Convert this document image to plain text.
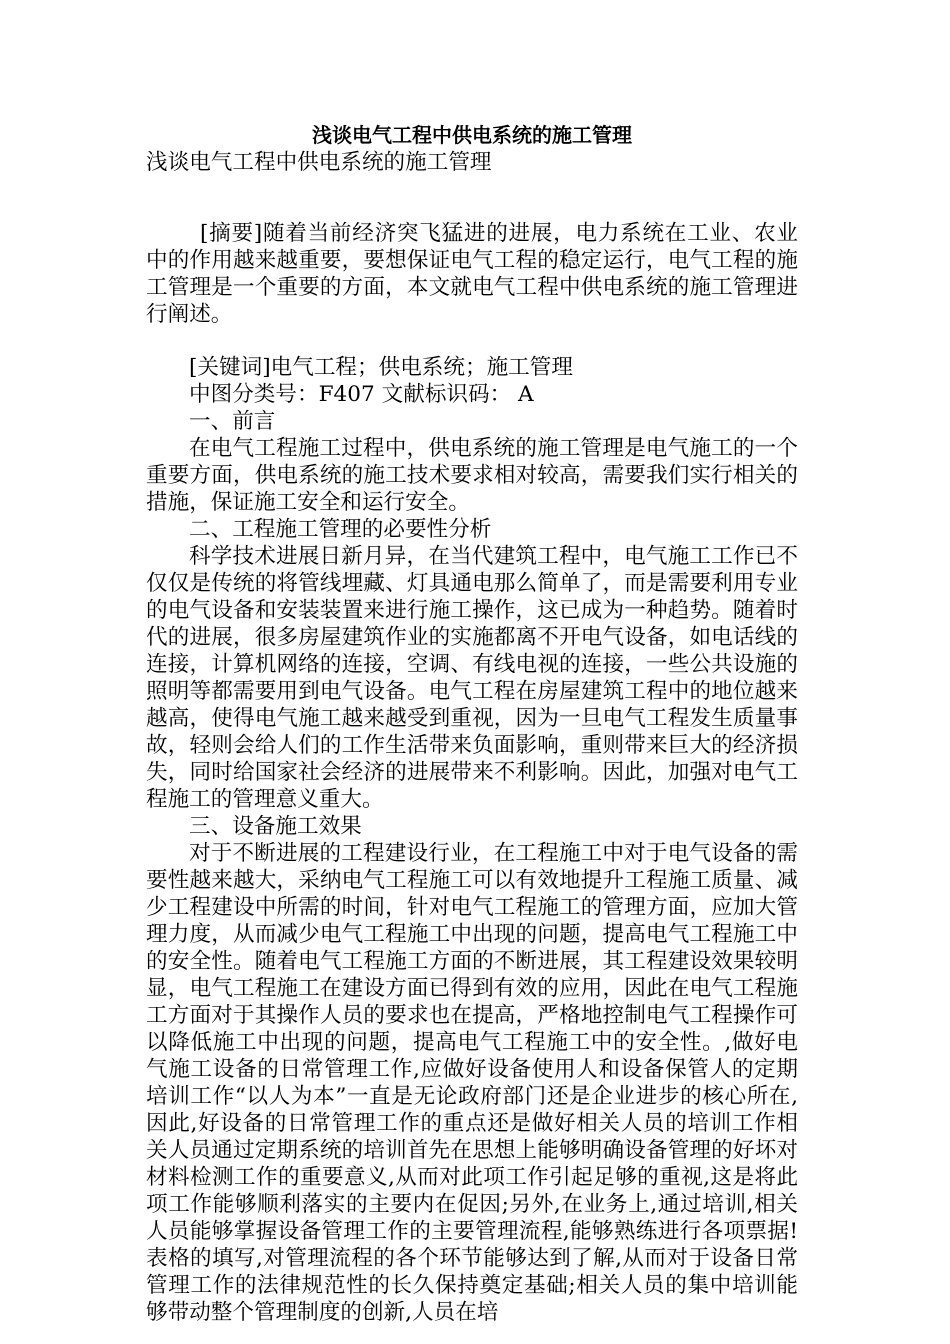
浅谈电气工程中供电系统的施工管理

浅谈电气工程中供电系统的施工管理

[摘要]随着当前经济突飞猛进的进展，电力系统在工业、农业中的作用越来越重要，要想保证电气工程的稳定运行，电气工程的施工管理是一个重要的方面，本文就电气工程中供电系统的施工管理进行阐述。

[关键词]电气工程；供电系统；施工管理

中图分类号：F407 文献标识码： A

一、前言

在电气工程施工过程中，供电系统的施工管理是电气施工的一个重要方面，供电系统的施工技术要求相对较高，需要我们实行相关的措施，保证施工安全和运行安全。

二、工程施工管理的必要性分析

科学技术进展日新月异，在当代建筑工程中，电气施工工作已不仅仅是传统的将管线埋藏、灯具通电那么简单了，而是需要利用专业的电气设备和安装装置来进行施工操作，这已成为一种趋势。随着时代的进展，很多房屋建筑作业的实施都离不开电气设备，如电话线的连接，计算机网络的连接，空调、有线电视的连接，一些公共设施的照明等都需要用到电气设备。电气工程在房屋建筑工程中的地位越来越高，使得电气施工越来越受到重视，因为一旦电气工程发生质量事故，轻则会给人们的工作生活带来负面影响，重则带来巨大的经济损失，同时给国家社会经济的进展带来不利影响。因此，加强对电气工程施工的管理意义重大。

三、设备施工效果

对于不断进展的工程建设行业，在工程施工中对于电气设备的需要性越来越大，采纳电气工程施工可以有效地提升工程施工质量、减少工程建设中所需的时间，针对电气工程施工的管理方面，应加大管理力度，从而减少电气工程施工中出现的问题，提高电气工程施工中的安全性。随着电气工程施工方面的不断进展，其工程建设效果较明显，电气工程施工在建设方面已得到有效的应用，因此在电气工程施工方面对于其操作人员的要求也在提高，严格地控制电气工程操作可以降低施工中出现的问题，提高电气工程施工中的安全性。,做好电气施工设备的日常管理工作,应做好设备使用人和设备保管人的定期培训工作“以人为本”一直是无论政府部门还是企业进步的核心所在,因此,好设备的日常管理工作的重点还是做好相关人员的培训工作相关人员通过定期系统的培训首先在思想上能够明确设备管理的好坏对材料检测工作的重要意义,从而对此项工作引起足够的重视,这是将此项工作能够顺利落实的主要内在促因;另外,在业务上,通过培训,相关人员能够掌握设备管理工作的主要管理流程,能够熟练进行各项票据!表格的填写,对管理流程的各个环节能够达到了解,从而对于设备日常管理工作的法律规范性的长久保持奠定基础;相关人员的集中培训能够带动整个管理制度的创新,人员在培
